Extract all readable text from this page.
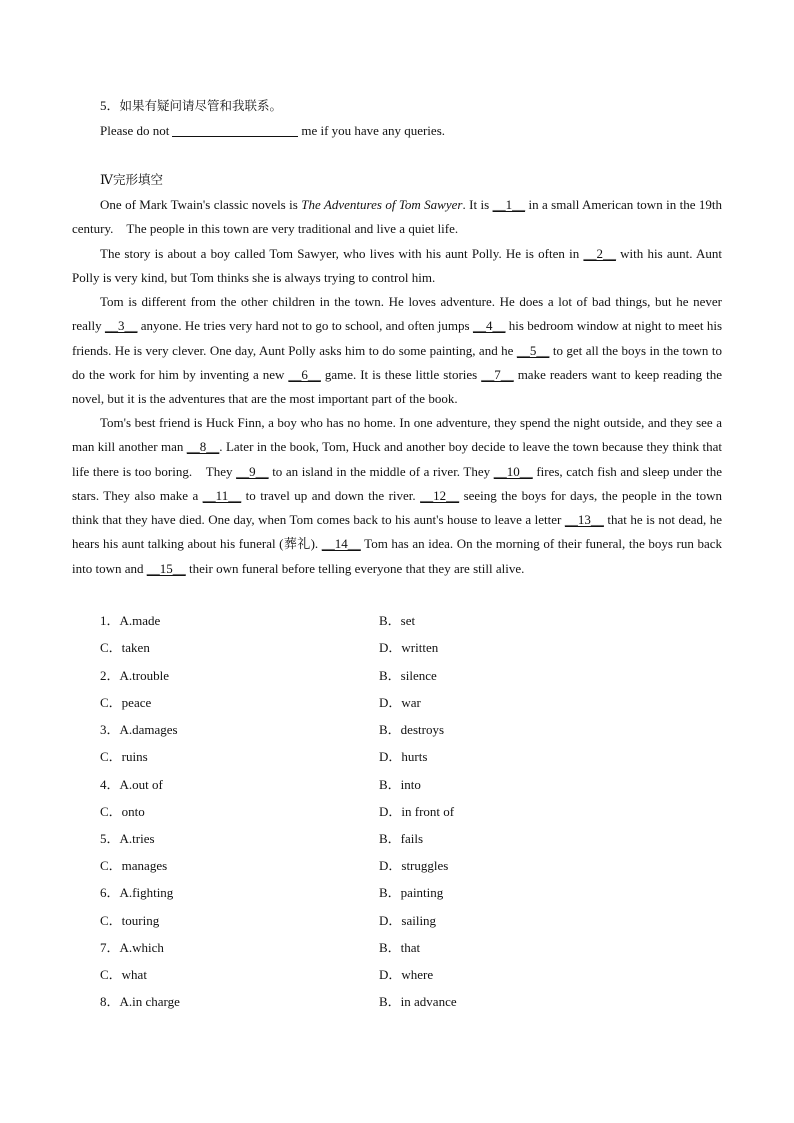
5．如果有疑问请尽管和我联系。
Please do not	me if you have any queries.
Ⅳ完形填空
One of Mark Twain's classic novels is The Adventures of Tom Sawyer. It is __1__ in a small American town in the 19th century.　The people in this town are very traditional and live a quiet life.
The story is about a boy called Tom Sawyer, who lives with his aunt Polly. He is often in __2__ with his aunt. Aunt Polly is very kind, but Tom thinks she is always trying to control him.
Tom is different from the other children in the town. He loves adventure. He does a lot of bad things, but he never really __3__ anyone. He tries very hard not to go to school, and often jumps __4__ his bedroom window at night to meet his friends. He is very clever. One day, Aunt Polly asks him to do some painting, and he __5__ to get all the boys in the town to do the work for him by inventing a new __6__ game. It is these little stories __7__ make readers want to keep reading the novel, but it is the adventures that are the most important part of the book.
Tom's best friend is Huck Finn, a boy who has no home. In one adventure, they spend the night outside, and they see a man kill another man __8__. Later in the book, Tom, Huck and another boy decide to leave the town because they think that life there is too boring.　They __9__ to an island in the middle of a river. They __10__ fires, catch fish and sleep under the stars. They also make a __11__ to travel up and down the river. __12__ seeing the boys for days, the people in the town think that they have died. One day, when Tom comes back to his aunt's house to leave a letter __13__ that he is not dead, he hears his aunt talking about his funeral (葬礼). __14__ Tom has an idea. On the morning of their funeral, the boys run back into town and __15__ their own funeral before telling everyone that they are still alive.
1．A.made	B．set
C．taken	D．written
2．A.trouble	B．silence
C．peace	D．war
3．A.damages	B．destroys
C．ruins	D．hurts
4．A.out of	B．into
C．onto	D．in front of
5．A.tries	B．fails
C．manages	D．struggles
6．A.fighting	B．painting
C．touring	D．sailing
7．A.which	B．that
C．what	D．where
8．A.in charge	B．in advance
